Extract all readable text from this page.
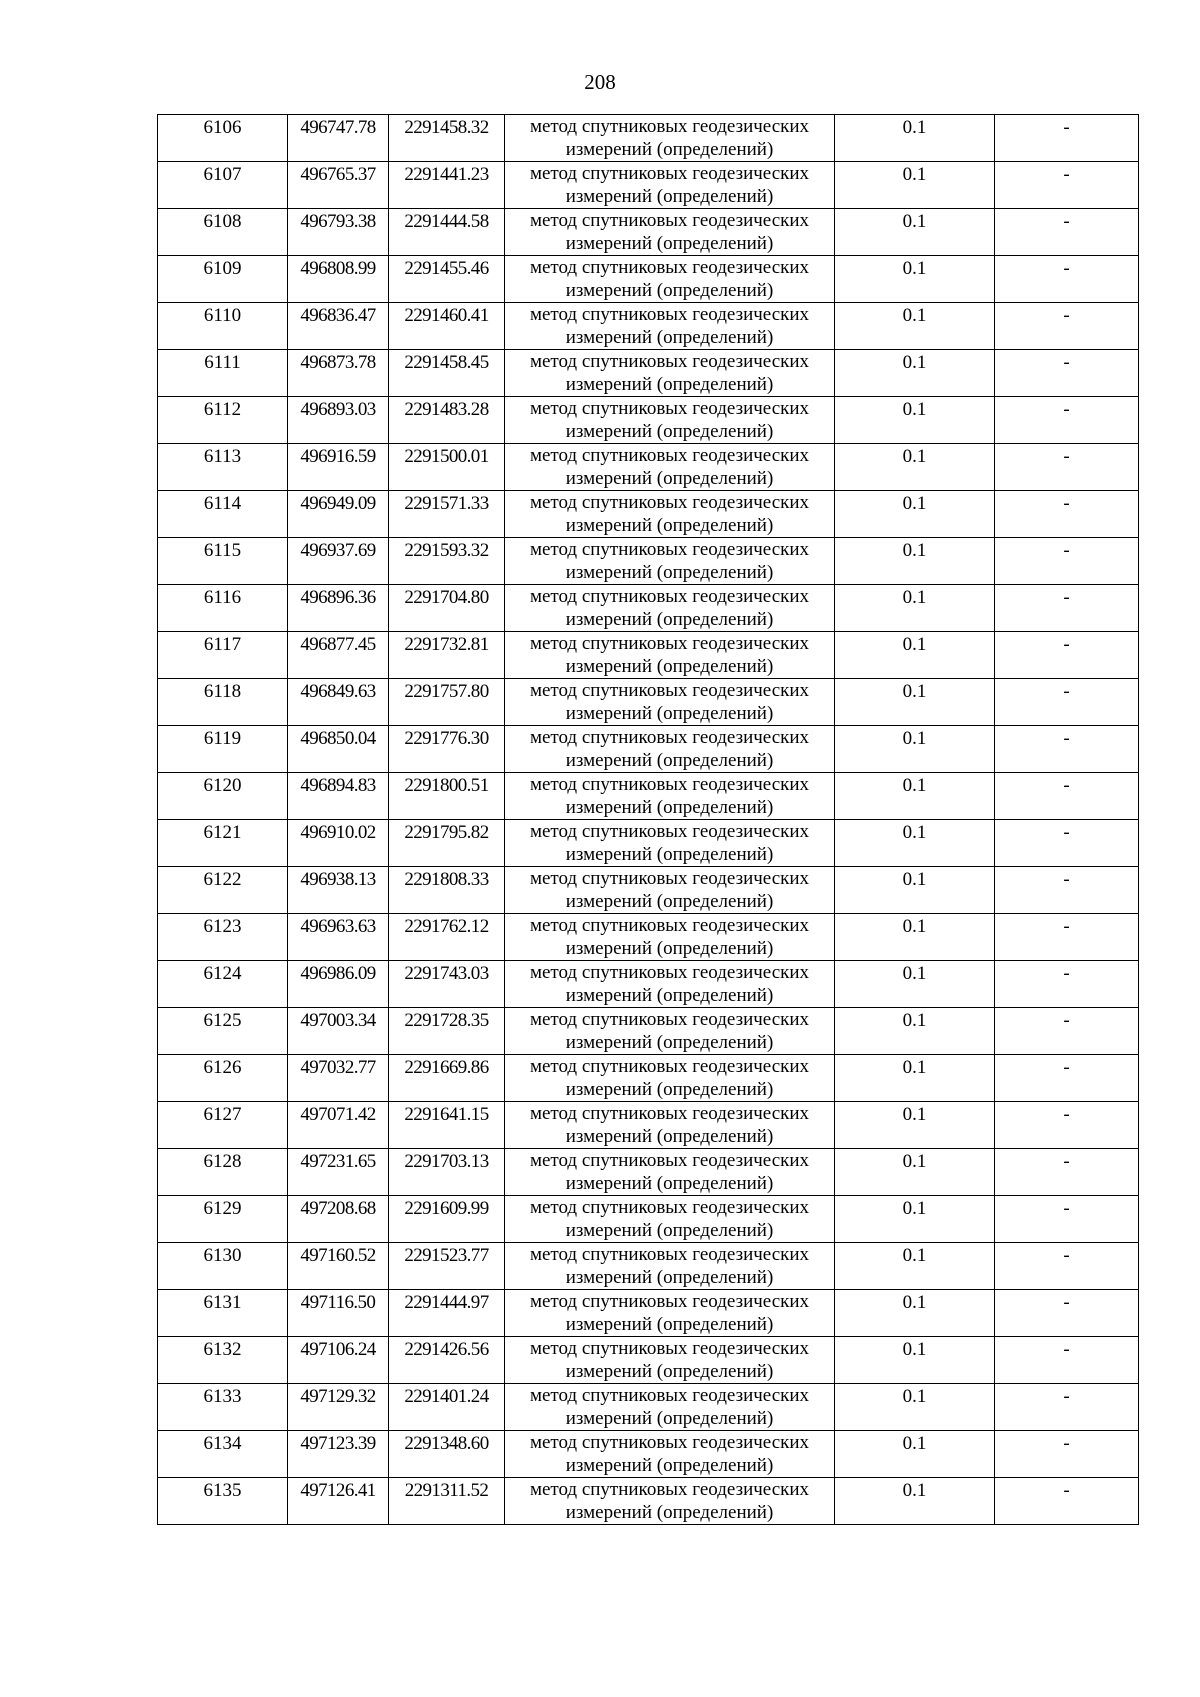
208
6106	496747.78	2291458.32	метод спутниковых геодезических
измерений (определений)	0.1	-

6107	496765.37	2291441.23	метод спутниковых геодезических
измерений (определений)	0.1	-

6108	496793.38	2291444.58	метод спутниковых геодезических
измерений (определений)	0.1	-

6109	496808.99	2291455.46	метод спутниковых геодезических
измерений (определений)	0.1	-

6110	496836.47	2291460.41	метод спутниковых геодезических
измерений (определений)	0.1	-

6111	496873.78	2291458.45	метод спутниковых геодезических
измерений (определений)	0.1	-

6112	496893.03	2291483.28	метод спутниковых геодезических
измерений (определений)	0.1	-

6113	496916.59	2291500.01	метод спутниковых геодезических
измерений (определений)	0.1	-

6114	496949.09	2291571.33	метод спутниковых геодезических
измерений (определений)	0.1	-

6115	496937.69	2291593.32	метод спутниковых геодезических
измерений (определений)	0.1	-

6116	496896.36	2291704.80	метод спутниковых геодезических
измерений (определений)	0.1	-

6117	496877.45	2291732.81	метод спутниковых геодезических
измерений (определений)	0.1	-

6118	496849.63	2291757.80	метод спутниковых геодезических
измерений (определений)	0.1	-

6119	496850.04	2291776.30	метод спутниковых геодезических
измерений (определений)	0.1	-

6120	496894.83	2291800.51	метод спутниковых геодезических
измерений (определений)	0.1	-

6121	496910.02	2291795.82	метод спутниковых геодезических
измерений (определений)	0.1	-

6122	496938.13	2291808.33	метод спутниковых геодезических
измерений (определений)	0.1	-

6123	496963.63	2291762.12	метод спутниковых геодезических
измерений (определений)	0.1	-

6124	496986.09	2291743.03	метод спутниковых геодезических
измерений (определений)	0.1	-

6125	497003.34	2291728.35	метод спутниковых геодезических
измерений (определений)	0.1	-

6126	497032.77	2291669.86	метод спутниковых геодезических
измерений (определений)	0.1	-

6127	497071.42	2291641.15	метод спутниковых геодезических
измерений (определений)	0.1	-

6128	497231.65	2291703.13	метод спутниковых геодезических
измерений (определений)	0.1	-

6129	497208.68	2291609.99	метод спутниковых геодезических
измерений (определений)	0.1	-

6130	497160.52	2291523.77	метод спутниковых геодезических
измерений (определений)	0.1	-

6131	497116.50	2291444.97	метод спутниковых геодезических
измерений (определений)	0.1	-

6132	497106.24	2291426.56	метод спутниковых геодезических
измерений (определений)	0.1	-

6133	497129.32	2291401.24	метод спутниковых геодезических
измерений (определений)	0.1	-

6134	497123.39	2291348.60	метод спутниковых геодезических
измерений (определений)	0.1	-

6135	497126.41	2291311.52	метод спутниковых геодезических
измерений (определений)	0.1	-
